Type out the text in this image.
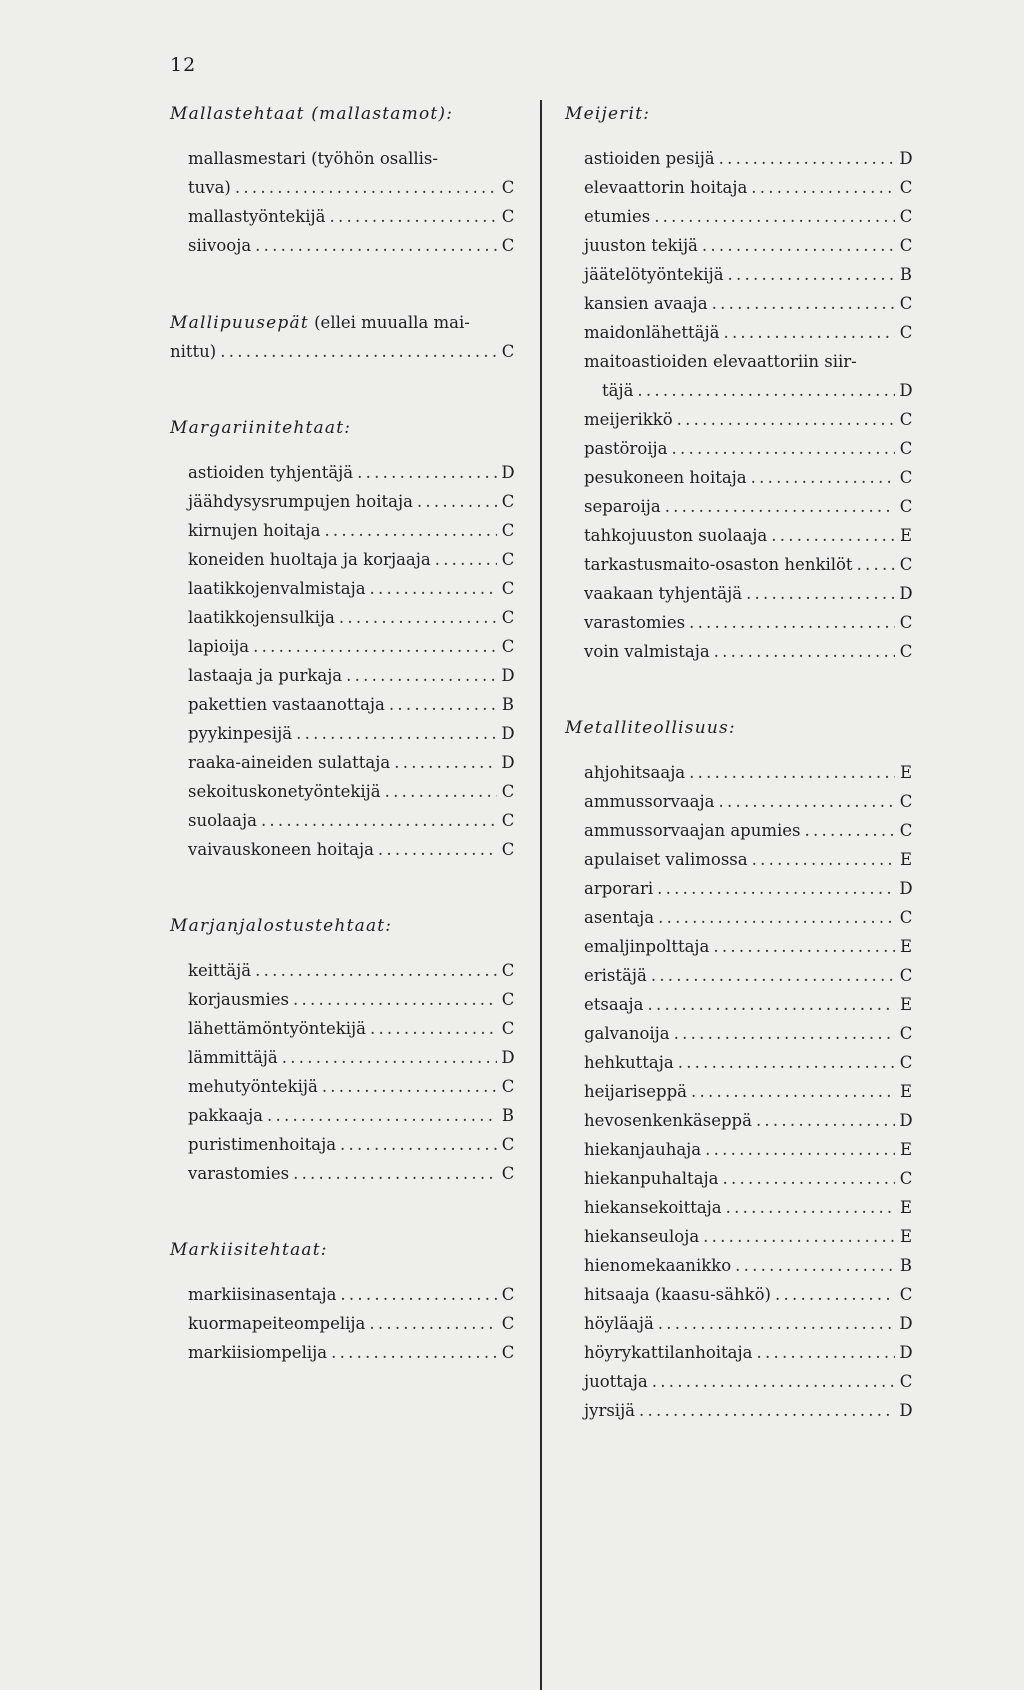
12
Mallastehtaat (mallastamot):
mallasmestari (työhön osallis-
tuva) . . .	C
mallastyöntekijä . . .	C
siivooja . . .	C
Mallipuusepät (ellei muualla mai-
nittu) . . .	C
Margariinitehtaat:
astioiden tyhjentäjä . . .	D
jäähdysysrumpujen hoitaja . . .	C
kirnujen hoitaja . . .	C
koneiden huoltaja ja korjaaja . . .	C
laatikkojenvalmistaja . . .	C
laatikkojensulkija . . .	C
lapioija . . .	C
lastaaja ja purkaja . . .	D
pakettien vastaanottaja . . .	B
pyykinpesijä . . .	D
raaka-aineiden sulattaja . . .	D
sekoituskonetyöntekijä . . .	C
suolaaja . . .	C
vaivauskoneen hoitaja . . .	C
Marjanjalostustehtaat:
keittäjä . . .	C
korjausmies . . .	C
lähettämöntyöntekijä . . .	C
lämmittäjä . . .	D
mehutyöntekijä . . .	C
pakkaaja . . .	B
puristimenhoitaja . . .	C
varastomies . . .	C
Markiisitehtaat:
markiisinasentaja . . .	C
kuormapeiteompelija . . .	C
markiisiompelija . . .	C
Meijerit:
astioiden pesijä . . .	D
elevaattorin hoitaja . . .	C
etumies . . .	C
juuston tekijä . . .	C
jäätelötyöntekijä . . .	B
kansien avaaja . . .	C
maidonlähettäjä . . .	C
maitoastioiden elevaattoriin siir-
täjä . . .	D
meijerikkö . . .	C
pastöroija . . .	C
pesukoneen hoitaja . . .	C
separoija . . .	C
tahkojuuston suolaaja . . .	E
tarkastusmaito-osaston henkilöt . . .	C
vaakaan tyhjentäjä . . .	D
varastomies . . .	C
voin valmistaja . . .	C
Metalliteollisuus:
ahjohitsaaja . . .	E
ammussorvaaja . . .	C
ammussorvaajan apumies . . .	C
apulaiset valimossa . . .	E
arporari . . .	D
asentaja . . .	C
emaljinpolttaja . . .	E
eristäjä . . .	C
etsaaja . . .	E
galvanoija . . .	C
hehkuttaja . . .	C
heijariseppä . . .	E
hevosenkenkäseppä . . .	D
hiekanjauhaja . . .	E
hiekanpuhaltaja . . .	C
hiekansekoittaja . . .	E
hiekanseuloja . . .	E
hienomekaanikko . . .	B
hitsaaja (kaasu-sähkö) . . .	C
höyläajä . . .	D
höyrykattilanhoitaja . . .	D
juottaja . . .	C
jyrsijä . . .	D
